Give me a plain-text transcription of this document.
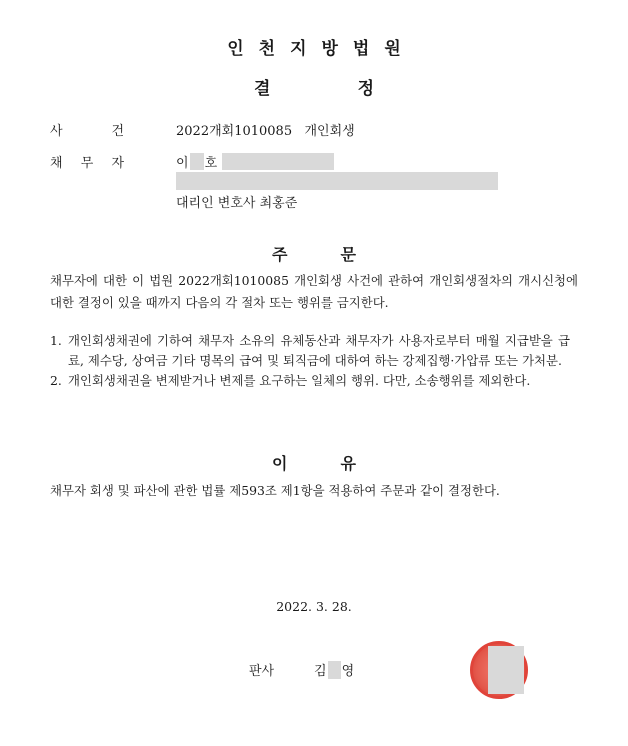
인천지방법원
결	정
사	건	2022개회1010085   개인회생
채 무 자	이 호
대리인 변호사 최홍준
주	문
채무자에 대한 이 법원 2022개회1010085 개인회생 사건에 관하여 개인회생절차의 개시신청에 대한 결정이 있을 때까지 다음의 각 절차 또는 행위를 금지한다.
1. 개인회생채권에 기하여 채무자 소유의 유체동산과 채무자가 사용자로부터 매월 지급받을 급료, 제수당, 상여금 기타 명목의 급여 및 퇴직금에 대하여 하는 강제집행·가압류 또는 가처분.
2. 개인회생채권을 변제받거나 변제를 요구하는 일체의 행위. 다만, 소송행위를 제외한다.
이	유
채무자 회생 및 파산에 관한 법률 제593조 제1항을 적용하여 주문과 같이 결정한다.
2022. 3. 28.
판사	김 영
